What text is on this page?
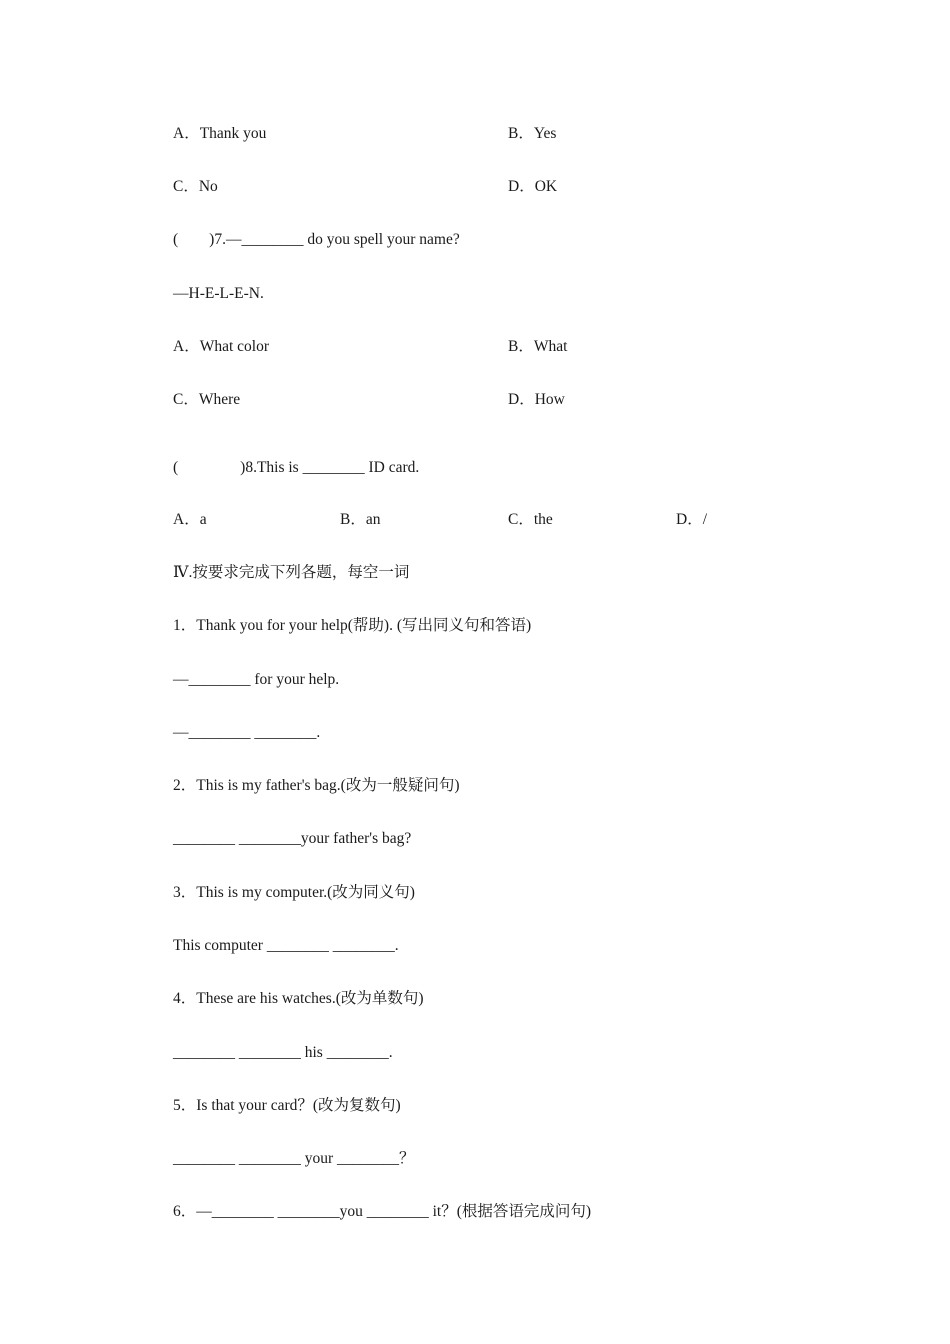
A．Thank you	B．Yes
C．No	D．OK
(　　)7.—________ do you spell your name?
—H-E-L-E-N.
A．What color	B．What
C．Where	D．How
(　　　　)8.This is ________ ID card.
A．a	B．an	C．the	D．/
Ⅳ.按要求完成下列各题，每空一词
1．Thank you for your help(帮助). (写出同义句和答语)
—________ for your help.
—________ ________.
2．This is my father's bag.(改为一般疑问句)
________ ________your father's bag?
3．This is my computer.(改为同义句)
This computer ________ ________.
4．These are his watches.(改为单数句)
________ ________ his ________.
5．Is that your card？(改为复数句)
________ ________ your ________？
6．—________ ________you ________ it？(根据答语完成问句)
